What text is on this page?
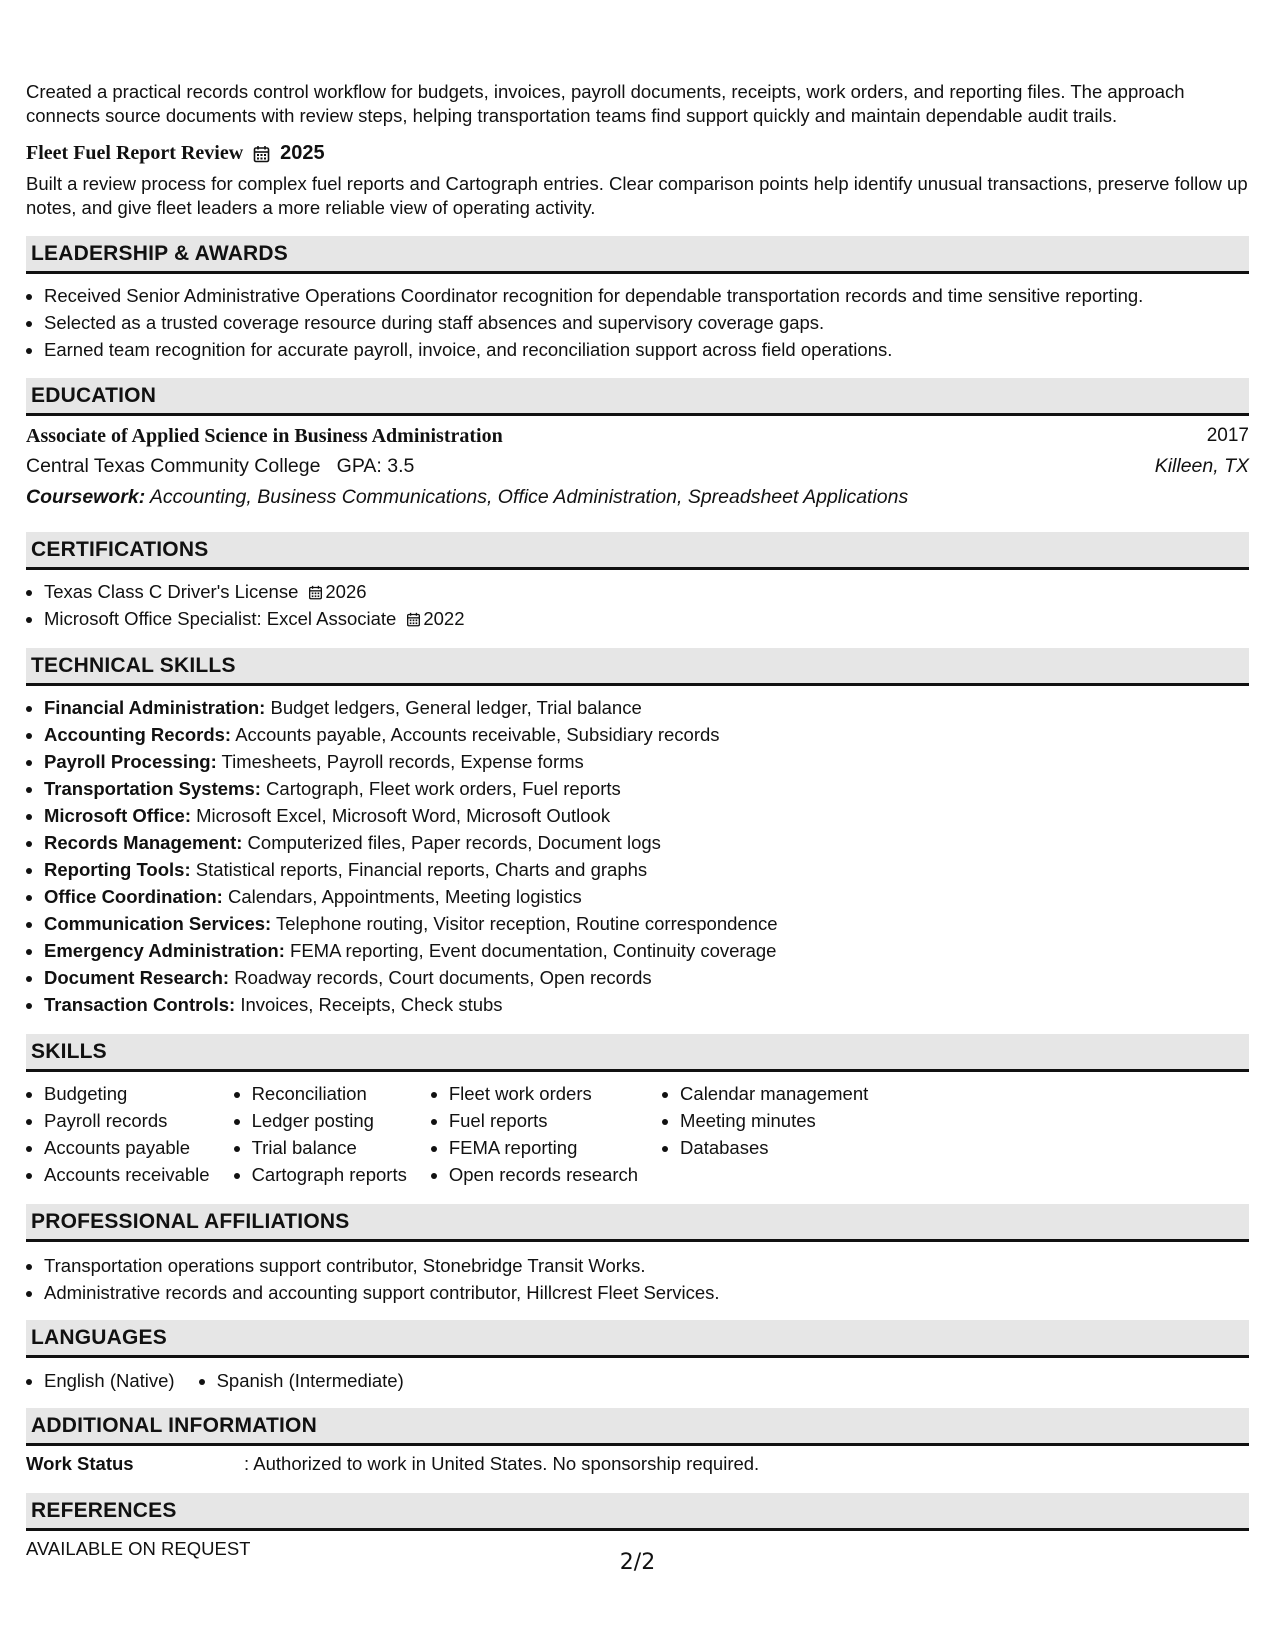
Created a practical records control workflow for budgets, invoices, payroll documents, receipts, work orders, and reporting files. The approach connects source documents with review steps, helping transportation teams find support quickly and maintain dependable audit trails.

Fleet Fuel Report Review 2025

Built a review process for complex fuel reports and Cartograph entries. Clear comparison points help identify unusual transactions, preserve follow up notes, and give fleet leaders a more reliable view of operating activity.

LEADERSHIP & AWARDS
• Received Senior Administrative Operations Coordinator recognition for dependable transportation records and time sensitive reporting.
• Selected as a trusted coverage resource during staff absences and supervisory coverage gaps.
• Earned team recognition for accurate payroll, invoice, and reconciliation support across field operations.
EDUCATION
Associate of Applied Science in Business Administration	2017
Central Texas Community College   GPA: 3.5	Killeen, TX
Coursework: Accounting, Business Communications, Office Administration, Spreadsheet Applications
CERTIFICATIONS
• Texas Class C Driver's License 2026
• Microsoft Office Specialist: Excel Associate 2022
TECHNICAL SKILLS
• Financial Administration: Budget ledgers, General ledger, Trial balance
• Accounting Records: Accounts payable, Accounts receivable, Subsidiary records
• Payroll Processing: Timesheets, Payroll records, Expense forms
• Transportation Systems: Cartograph, Fleet work orders, Fuel reports
• Microsoft Office: Microsoft Excel, Microsoft Word, Microsoft Outlook
• Records Management: Computerized files, Paper records, Document logs
• Reporting Tools: Statistical reports, Financial reports, Charts and graphs
• Office Coordination: Calendars, Appointments, Meeting logistics
• Communication Services: Telephone routing, Visitor reception, Routine correspondence
• Emergency Administration: FEMA reporting, Event documentation, Continuity coverage
• Document Research: Roadway records, Court documents, Open records
• Transaction Controls: Invoices, Receipts, Check stubs
SKILLS
• Budgeting
• Payroll records
• Accounts payable
• Accounts receivable
• Reconciliation
• Ledger posting
• Trial balance
• Cartograph reports
• Fleet work orders
• Fuel reports
• FEMA reporting
• Open records research
• Calendar management
• Meeting minutes
• Databases
PROFESSIONAL AFFILIATIONS
• Transportation operations support contributor, Stonebridge Transit Works.
• Administrative records and accounting support contributor, Hillcrest Fleet Services.
LANGUAGES
• English (Native)
• Spanish (Intermediate)
ADDITIONAL INFORMATION
Work Status	: Authorized to work in United States. No sponsorship required.
REFERENCES
AVAILABLE ON REQUEST
2/2
